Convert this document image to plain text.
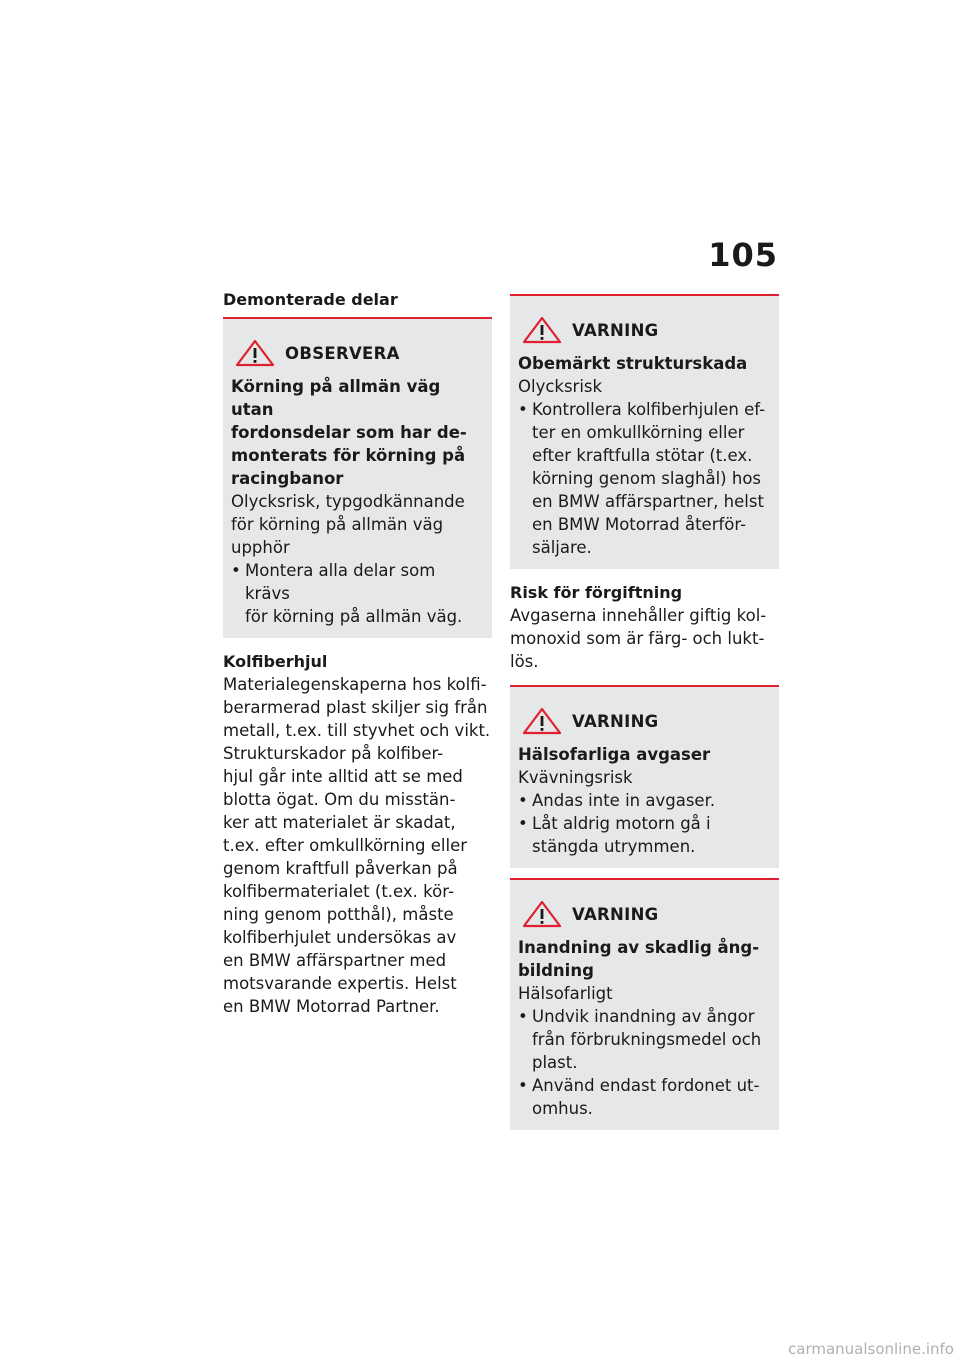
105
Demonterade delar
OBSERVERA
Körning på allmän väg utan
fordonsdelar som har de-
monterats för körning på
racingbanor
Olycksrisk, typgodkännande
för körning på allmän väg
upphör
• Montera alla delar som krävs
för körning på allmän väg.
Kolfiberhjul
Materialegenskaperna hos kolfi-
berarmerad plast skiljer sig från
metall, t.ex. till styvhet och vikt.
Strukturskador på kolfiber-
hjul går inte alltid att se med
blotta ögat. Om du misstän-
ker att materialet är skadat,
t.ex. efter omkullkörning eller
genom kraftfull påverkan på
kolfibermaterialet (t.ex. kör-
ning genom potthål), måste
kolfiberhjulet undersökas av
en BMW affärspartner med
motsvarande expertis. Helst
en BMW Motorrad Partner.
VARNING
Obemärkt strukturskada
Olycksrisk
• Kontrollera kolfiberhjulen ef-
ter en omkullkörning eller
efter kraftfulla stötar (t.ex.
körning genom slaghål) hos
en BMW affärspartner, helst
en BMW Motorrad återför-
säljare.
Risk för förgiftning
Avgaserna innehåller giftig kol-
monoxid som är färg- och lukt-
lös.
VARNING
Hälsofarliga avgaser
Kvävningsrisk
• Andas inte in avgaser.
• Låt aldrig motorn gå i
stängda utrymmen.
VARNING
Inandning av skadlig ång-
bildning
Hälsofarligt
• Undvik inandning av ångor
från förbrukningsmedel och
plast.
• Använd endast fordonet ut-
omhus.
carmanualsonline.info
